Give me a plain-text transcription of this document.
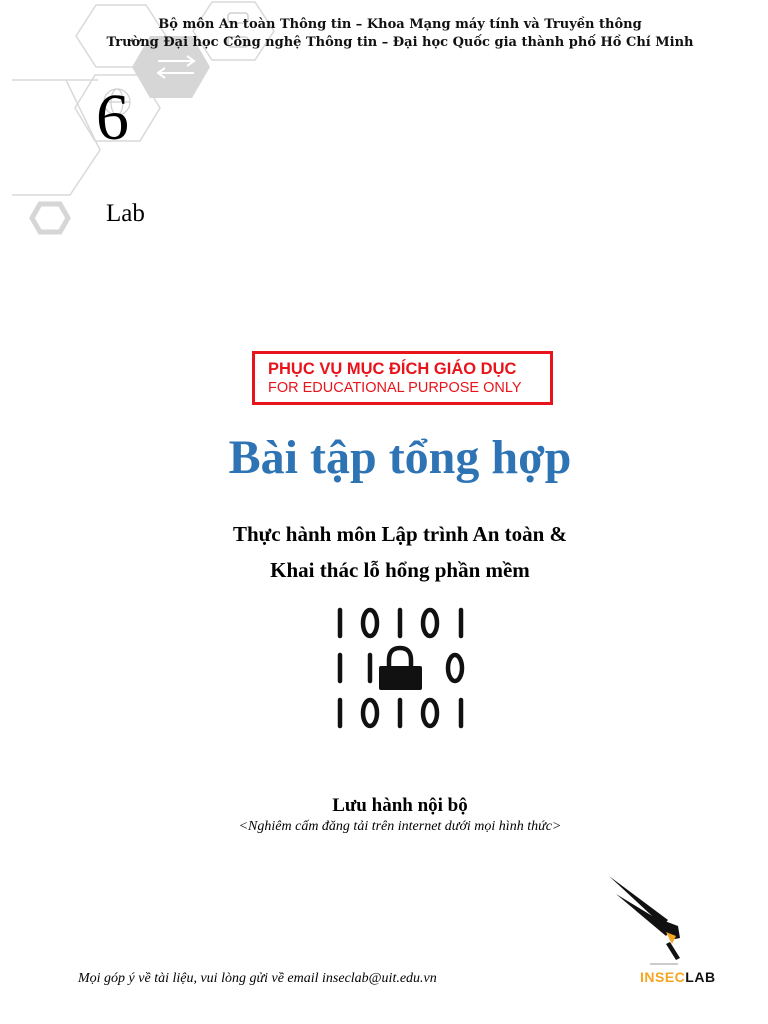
Bộ môn An toàn Thông tin – Khoa Mạng máy tính và Truyền thông
Trường Đại học Công nghệ Thông tin – Đại học Quốc gia thành phố Hồ Chí Minh
6
Lab
PHỤC VỤ MỤC ĐÍCH GIÁO DỤC
FOR EDUCATIONAL PURPOSE ONLY
Bài tập tổng hợp
Thực hành môn Lập trình An toàn &
Khai thác lỗ hổng phần mềm
Lưu hành nội bộ
<Nghiêm cấm đăng tải trên internet dưới mọi hình thức>
Mọi góp ý về tài liệu, vui lòng gửi về email inseclab@uit.edu.vn	INSECLAB
